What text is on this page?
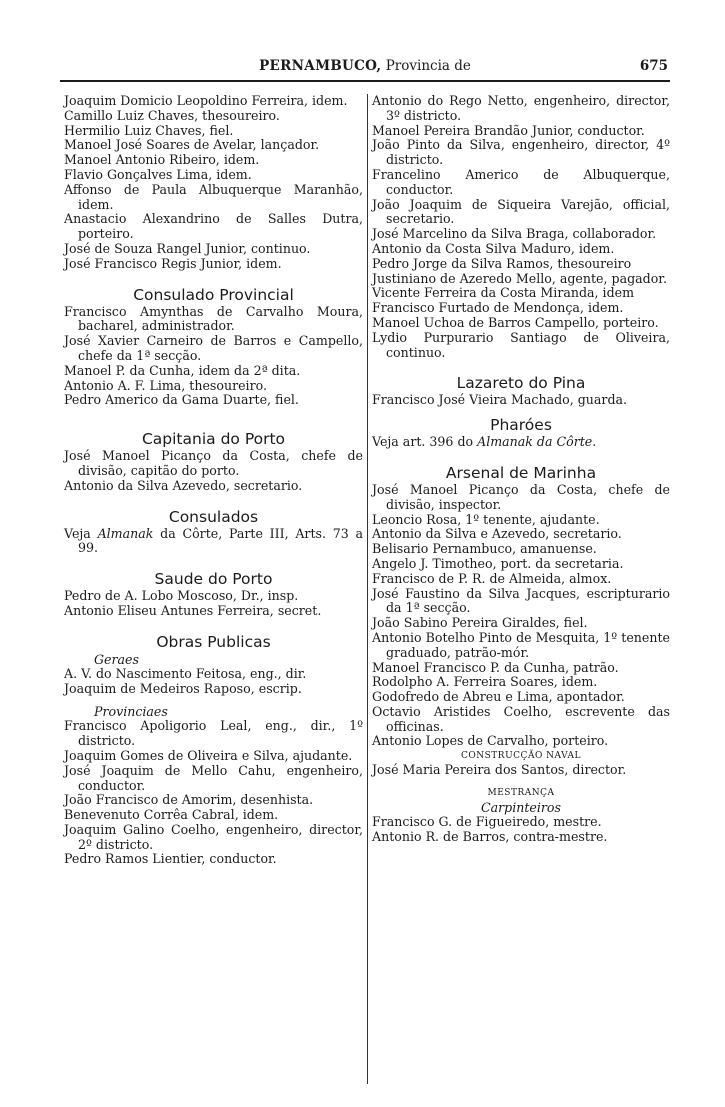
PERNAMBUCO, Provincia de	675

Joaquim Domicio Leopoldino Ferreira, idem.

Camillo Luiz Chaves, thesoureiro.

Hermilio Luiz Chaves, fiel.

Manoel José Soares de Avelar, lançador.

Manoel Antonio Ribeiro, idem.

Flavio Gonçalves Lima, idem.

Affonso de Paula Albuquerque Maranhão, idem.

Anastacio Alexandrino de Salles Dutra, porteiro.

José de Souza Rangel Junior, continuo.

José Francisco Regis Junior, idem.

Consulado Provincial

Francisco Amynthas de Carvalho Moura, bacharel, administrador.

José Xavier Carneiro de Barros e Campello, chefe da 1ª secção.

Manoel P. da Cunha, idem da 2ª dita.

Antonio A. F. Lima, thesoureiro.

Pedro Americo da Gama Duarte, fiel.

Capitania do Porto

José Manoel Picanço da Costa, chefe de divisão, capitão do porto.

Antonio da Silva Azevedo, secretario.

Consulados

Veja Almanak da Côrte, Parte III, Arts. 73 a 99.

Saude do Porto

Pedro de A. Lobo Moscoso, Dr., insp.

Antonio Eliseu Antunes Ferreira, secret.

Obras Publicas

Geraes

A. V. do Nascimento Feitosa, eng., dir.

Joaquim de Medeiros Raposo, escrip.

Provinciaes

Francisco Apoligorio Leal, eng., dir., 1º districto.

Joaquim Gomes de Oliveira e Silva, ajudante.

José Joaquim de Mello Cahu, engenheiro, conductor.

João Francisco de Amorim, desenhista.

Benevenuto Corrêa Cabral, idem.

Joaquim Galino Coelho, engenheiro, director, 2º districto.

Pedro Ramos Lientier, conductor.

Antonio do Rego Netto, engenheiro, director, 3º districto.

Manoel Pereira Brandão Junior, conductor.

João Pinto da Silva, engenheiro, director, 4º districto.

Francelino Americo de Albuquerque, conductor.

João Joaquim de Siqueira Varejão, official, secretario.

José Marcelino da Silva Braga, collaborador.

Antonio da Costa Silva Maduro, idem.

Pedro Jorge da Silva Ramos, thesoureiro

Justiniano de Azeredo Mello, agente, pagador.

Vicente Ferreira da Costa Miranda, idem

Francisco Furtado de Mendonça, idem.

Manoel Uchoa de Barros Campello, porteiro.

Lydio Purpurario Santiago de Oliveira, continuo.

Lazareto do Pina

Francisco José Vieira Machado, guarda.

Pharóes

Veja art. 396 do Almanak da Côrte.

Arsenal de Marinha

José Manoel Picanço da Costa, chefe de divisão, inspector.

Leoncio Rosa, 1º tenente, ajudante.

Antonio da Silva e Azevedo, secretario.

Belisario Pernambuco, amanuense.

Angelo J. Timotheo, port. da secretaria.

Francisco de P. R. de Almeida, almox.

José Faustino da Silva Jacques, escripturario da 1ª secção.

João Sabino Pereira Giraldes, fiel.

Antonio Botelho Pinto de Mesquita, 1º tenente graduado, patrão-mór.

Manoel Francisco P. da Cunha, patrão.

Rodolpho A. Ferreira Soares, idem.

Godofredo de Abreu e Lima, apontador.

Octavio Aristides Coelho, escrevente das officinas.

Antonio Lopes de Carvalho, porteiro.

CONSTRUCÇÃO NAVAL

José Maria Pereira dos Santos, director.

MESTRANÇA

Carpinteiros

Francisco G. de Figueiredo, mestre.

Antonio R. de Barros, contra-mestre.
